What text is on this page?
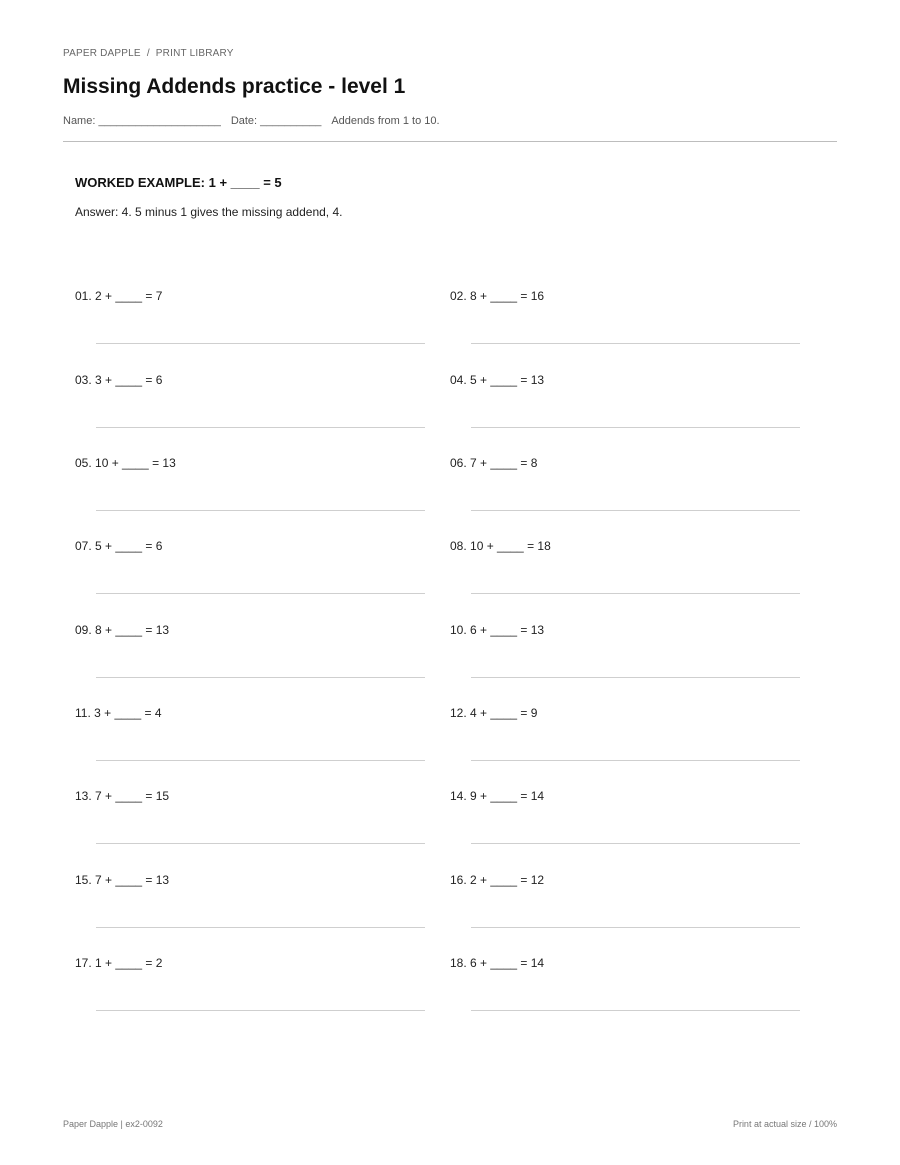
PAPER DAPPLE / PRINT LIBRARY
Missing Addends practice - level 1
Name: ____________________ Date: __________ Addends from 1 to 10.
WORKED EXAMPLE: 1 + ____ = 5
Answer: 4. 5 minus 1 gives the missing addend, 4.
01. 2 + ____ = 7	02. 8 + ____ = 16
03. 3 + ____ = 6	04. 5 + ____ = 13
05. 10 + ____ = 13	06. 7 + ____ = 8
07. 5 + ____ = 6	08. 10 + ____ = 18
09. 8 + ____ = 13	10. 6 + ____ = 13
11. 3 + ____ = 4	12. 4 + ____ = 9
13. 7 + ____ = 15	14. 9 + ____ = 14
15. 7 + ____ = 13	16. 2 + ____ = 12
17. 1 + ____ = 2	18. 6 + ____ = 14
Paper Dapple | ex2-0092	Print at actual size / 100%
